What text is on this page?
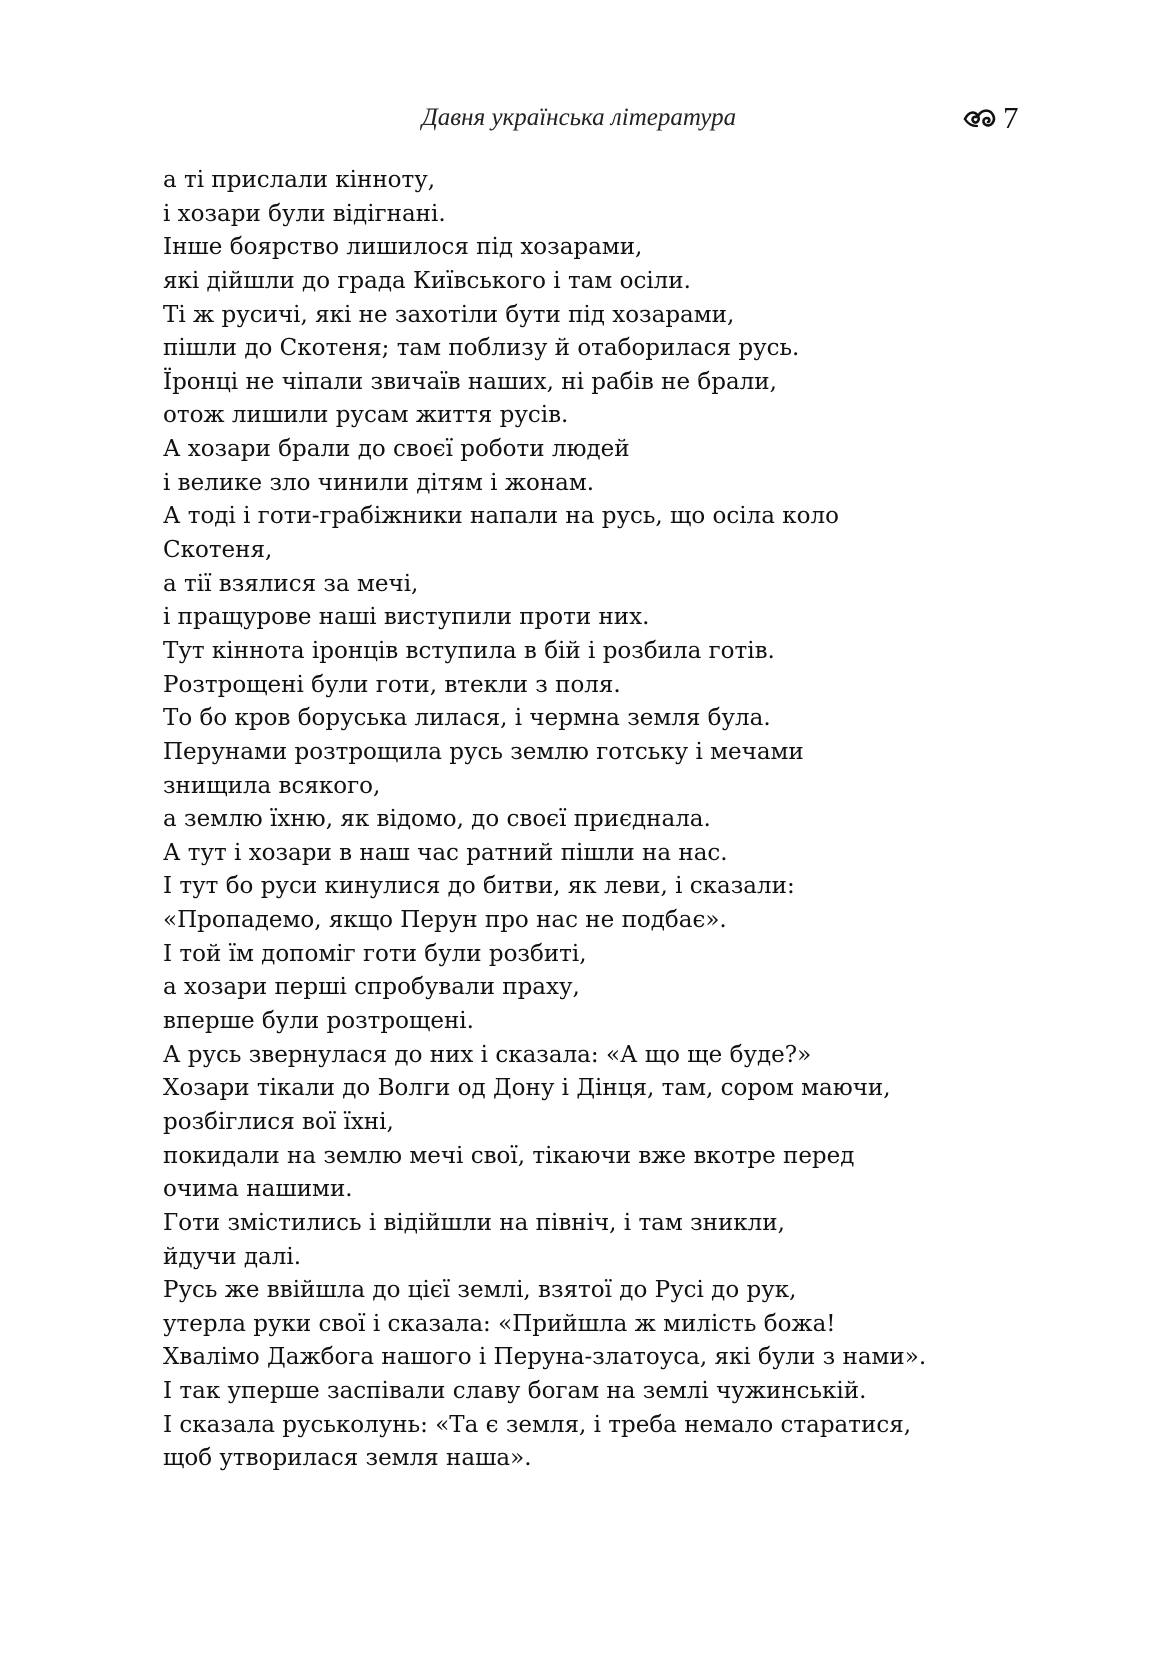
Давня українська література	7
а ті прислали кінноту,
і хозари були відігнані.
Інше боярство лишилося під хозарами,
які дійшли до града Київського і там осіли.
Ті ж русичі, які не захотіли бути під хозарами,
пішли до Скотеня; там поблизу й отаборилася русь.
Їронці не чіпали звичаїв наших, ні рабів не брали,
отож лишили русам життя русів.
А хозари брали до своєї роботи людей
і велике зло чинили дітям і жонам.
А тоді і готи-грабіжники напали на русь, що осіла коло
Скотеня,
а тії взялися за мечі,
і пращурове наші виступили проти них.
Тут кіннота іронців вступила в бій і розбила готів.
Розтрощені були готи, втекли з поля.
То бо кров боруська лилася, і чермна земля була.
Перунами розтрощила русь землю готську і мечами
знищила всякого,
а землю їхню, як відомо, до своєї приєднала.
А тут і хозари в наш час ратний пішли на нас.
І тут бо руси кинулися до битви, як леви, і сказали:
«Пропадемо, якщо Перун про нас не подбає».
І той їм допоміг готи були розбиті,
а хозари перші спробували праху,
вперше були розтрощені.
А русь звернулася до них і сказала: «А що ще буде?»
Хозари тікали до Волги од Дону і Дінця, там, сором маючи,
розбіглися вої їхні,
покидали на землю мечі свої, тікаючи вже вкотре перед
очима нашими.
Готи змістились і відійшли на північ, і там зникли,
йдучи далі.
Русь же ввійшла до цієї землі, взятої до Русі до рук,
утерла руки свої і сказала: «Прийшла ж милість божа!
Хвалімо Дажбога нашого і Перуна-златоуса, які були з нами».
І так уперше заспівали славу богам на землі чужинській.
І сказала руськолунь: «Та є земля, і треба немало старатися,
щоб утворилася земля наша».
